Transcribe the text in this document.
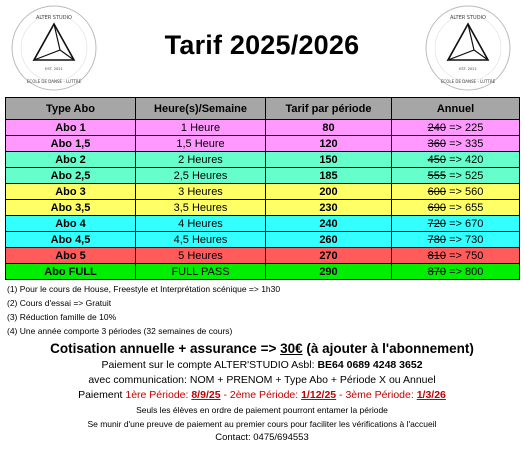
ALTER STUDIO
ECOLE DE DANSE - LUTTRE
EST. 2021
ALTER STUDIO
ECOLE DE DANSE - LUTTRE
EST. 2021
Tarif 2025/2026
Type Abo	Heure(s)/Semaine	Tarif par période	Annuel
Abo 1	1 Heure	80	240 => 225
Abo 1,5	1,5 Heure	120	360 => 335
Abo 2	2 Heures	150	450 => 420
Abo 2,5	2,5 Heures	185	555 => 525
Abo 3	3 Heures	200	600 => 560
Abo 3,5	3,5 Heures	230	690 => 655
Abo 4	4 Heures	240	720 => 670
Abo 4,5	4,5 Heures	260	780 => 730
Abo 5	5 Heures	270	810 => 750
Abo FULL	FULL PASS	290	870 => 800
(1) Pour le cours de House, Freestyle et Interprétation scénique => 1h30
(2) Cours d'essai => Gratuit
(3) Réduction famille de 10%
(4) Une année comporte 3 périodes (32 semaines de cours)
Cotisation annuelle + assurance => 30€ (à ajouter à l'abonnement)
Paiement sur le compte ALTER'STUDIO Asbl: BE64 0689 4248 3652
avec communication: NOM + PRENOM + Type Abo + Période X ou Annuel
Paiement 1ère Période: 8/9/25 - 2ème Période: 1/12/25 - 3ème Période: 1/3/26
Seuls les élèves en ordre de paiement pourront entamer la période
Se munir d'une preuve de paiement au premier cours pour faciliter les vérifications à l'accueil
Contact: 0475/694553
